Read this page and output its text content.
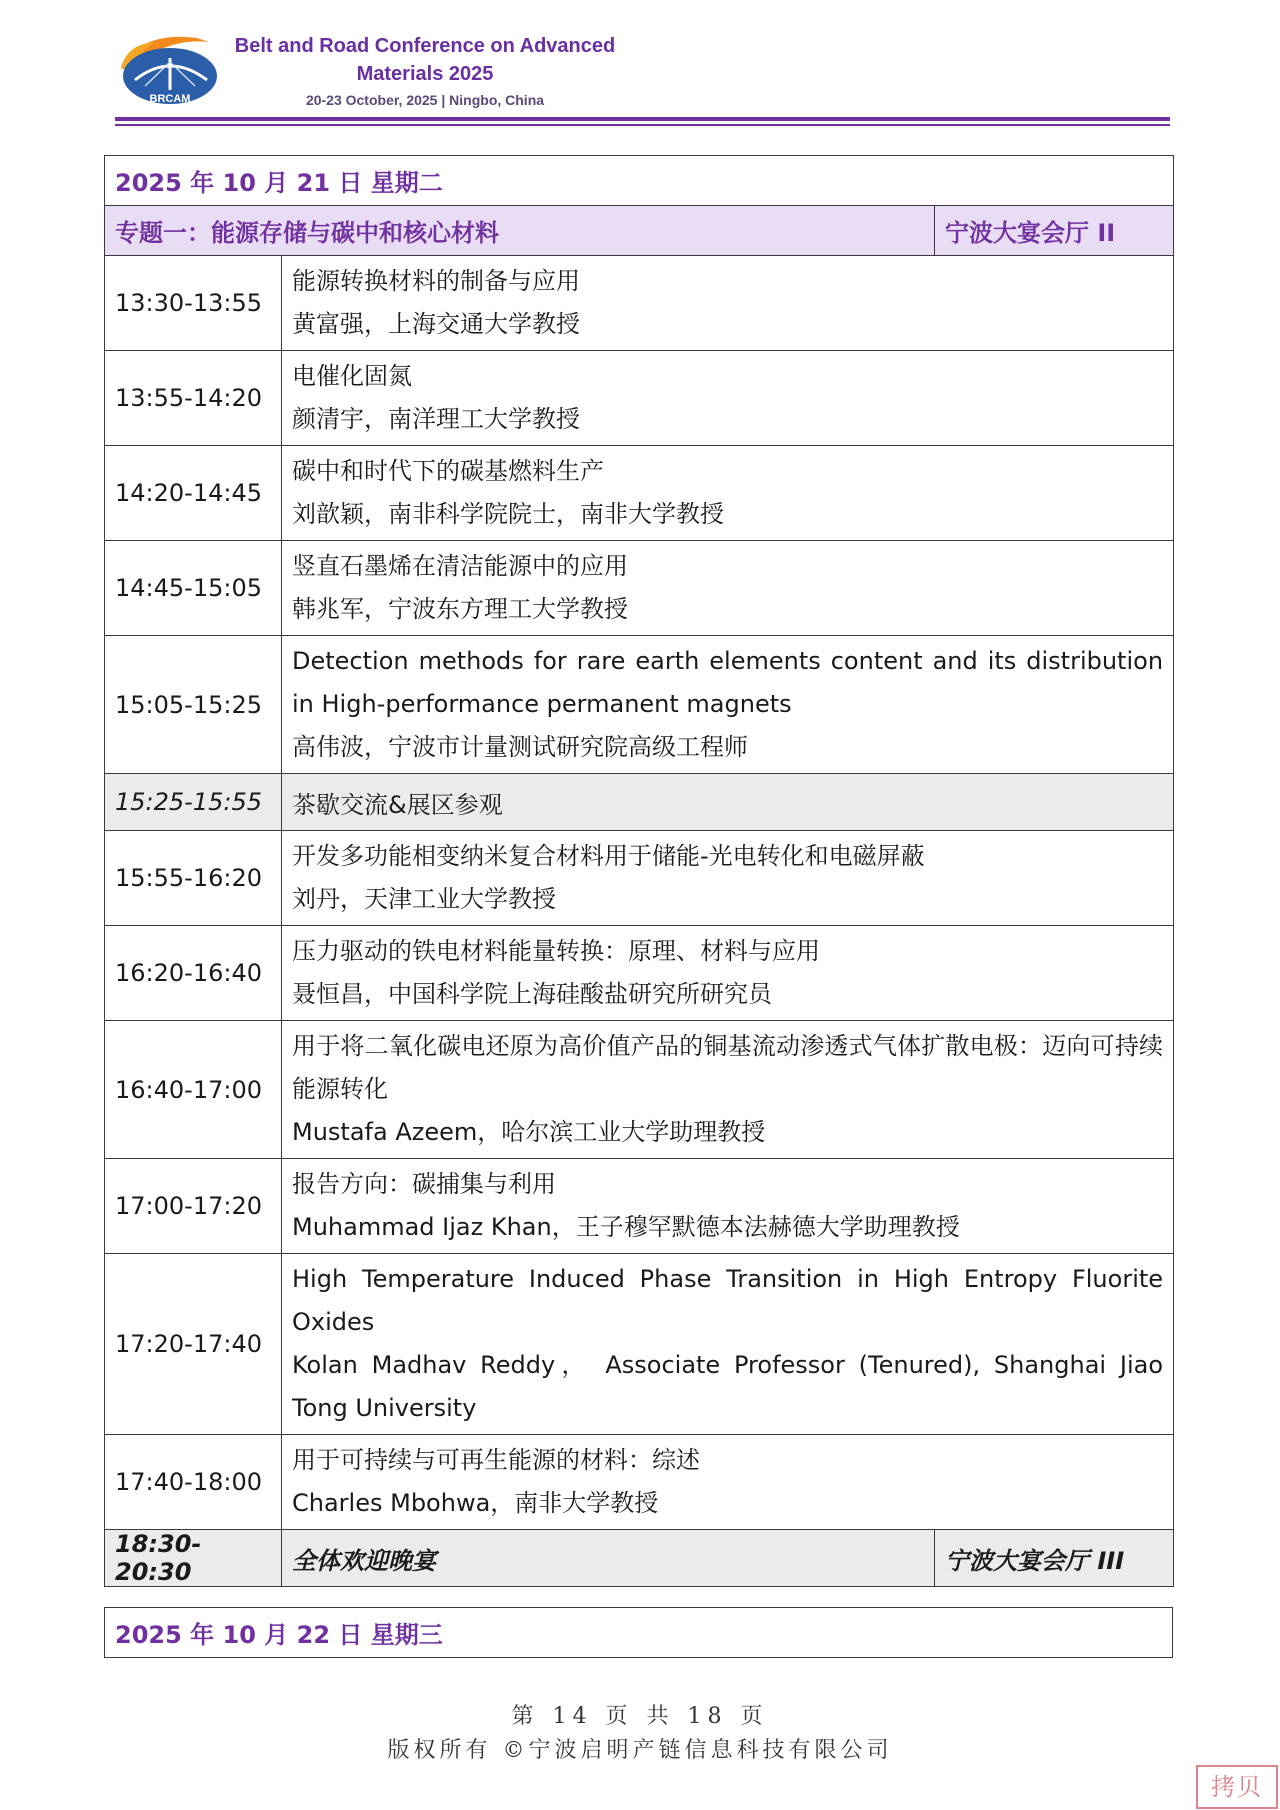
BRCAM
Belt and Road Conference on Advanced
Materials 2025
20-23 October, 2025 | Ningbo, China
2025 年 10 月 21 日 星期二		
专题一：能源存储与碳中和核心材料		宁波大宴会厅 II
13:30-13:55	能源转换材料的制备与应用
黄富强，上海交通大学教授	

13:55-14:20	电催化固氮
颜清宇，南洋理工大学教授	

14:20-14:45	碳中和时代下的碳基燃料生产
刘歆颖，南非科学院院士，南非大学教授	

14:45-15:05	竖直石墨烯在清洁能源中的应用
韩兆军，宁波东方理工大学教授	

15:05-15:25	Detection methods for rare earth elements content and its distribution in High-performance permanent magnets
高伟波，宁波市计量测试研究院高级工程师	

15:25-15:55	茶歇交流&展区参观	
15:55-16:20	开发多功能相变纳米复合材料用于储能-光电转化和电磁屏蔽
刘丹，天津工业大学教授	

16:20-16:40	压力驱动的铁电材料能量转换：原理、材料与应用
聂恒昌，中国科学院上海硅酸盐研究所研究员	

16:40-17:00	用于将二氧化碳电还原为高价值产品的铜基流动渗透式气体扩散电极：迈向可持续能源转化
Mustafa Azeem，哈尔滨工业大学助理教授	

17:00-17:20	报告方向：碳捕集与利用
Muhammad Ijaz Khan，王子穆罕默德本法赫德大学助理教授	

17:20-17:40	High Temperature Induced Phase Transition in High Entropy Fluorite Oxides
Kolan Madhav Reddy， Associate Professor (Tenured), Shanghai Jiao Tong University	

17:40-18:00	用于可持续与可再生能源的材料：综述
Charles Mbohwa，南非大学教授	

18:30-20:30	全体欢迎晚宴	宁波大宴会厅 III
2025 年 10 月 22 日 星期三
第 14 页 共 18 页
版权所有 ©宁波启明产链信息科技有限公司
拷贝
